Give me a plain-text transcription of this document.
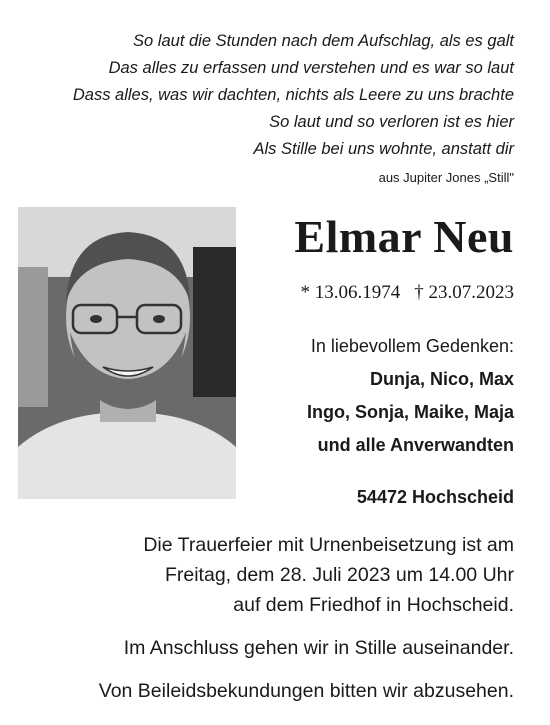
So laut die Stunden nach dem Aufschlag, als es galt
Das alles zu erfassen und verstehen und es war so laut
Dass alles, was wir dachten, nichts als Leere zu uns brachte
So laut und so verloren ist es hier
Als Stille bei uns wohnte, anstatt dir
aus Jupiter Jones „Still"
Elmar Neu
* 13.06.1974 † 23.07.2023
In liebevollem Gedenken:
Dunja, Nico, Max
Ingo, Sonja, Maike, Maja
und alle Anverwandten
54472 Hochscheid
Die Trauerfeier mit Urnenbeisetzung ist am
Freitag, dem 28. Juli 2023 um 14.00 Uhr
auf dem Friedhof in Hochscheid.
Im Anschluss gehen wir in Stille auseinander.
Von Beileidsbekundungen bitten wir abzusehen.
